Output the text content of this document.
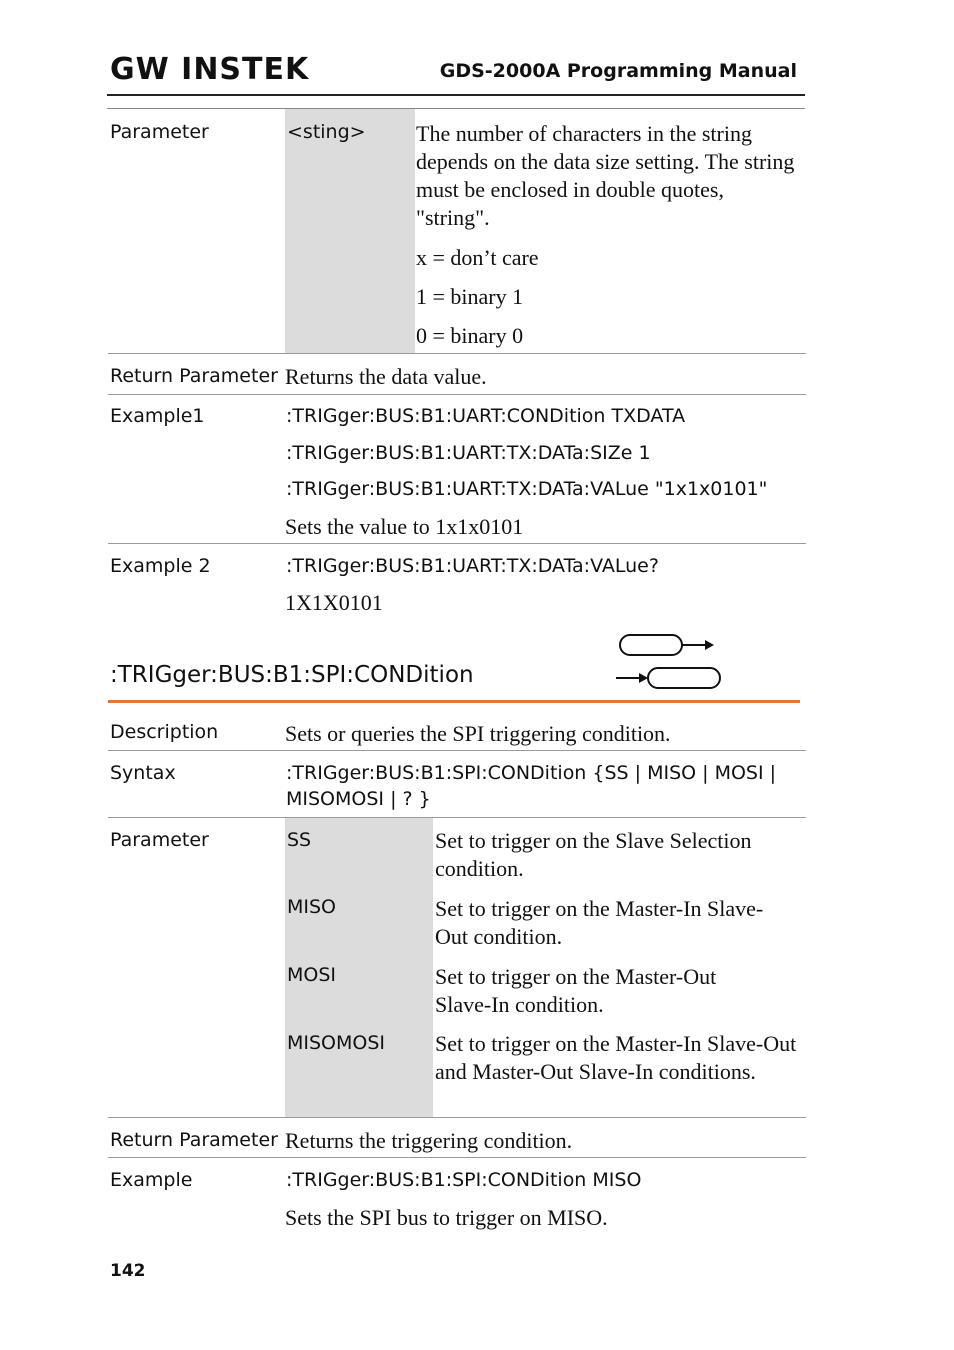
GW INSTEK	GDS-2000A Programming Manual
Parameter	<sting> The number of characters in the string depends on the data size setting. The string must be enclosed in double quotes, "string".
x = don’t care
1 = binary 1
0 = binary 0
Return Parameter Returns the data value.
Example1	:TRIGger:BUS:B1:UART:CONDition TXDATA
:TRIGger:BUS:B1:UART:TX:DATa:SIZe 1
:TRIGger:BUS:B1:UART:TX:DATa:VALue "1x1x0101"
Sets the value to 1x1x0101
Example 2	:TRIGger:BUS:B1:UART:TX:DATa:VALue?
1X1X0101
:TRIGger:BUS:B1:SPI:CONDition
Description	Sets or queries the SPI triggering condition.
Syntax	:TRIGger:BUS:B1:SPI:CONDition {SS | MISO | MOSI |
MISOMOSI | ? }
Parameter	SS	Set to trigger on the Slave Selection condition.
MISO	Set to trigger on the Master-In Slave-Out condition.
MOSI	Set to trigger on the Master-Out Slave-In condition.
MISOMOSI Set to trigger on the Master-In Slave-Out and Master-Out Slave-In conditions.
Return Parameter Returns the triggering condition.
Example	:TRIGger:BUS:B1:SPI:CONDition MISO
Sets the SPI bus to trigger on MISO.
142
